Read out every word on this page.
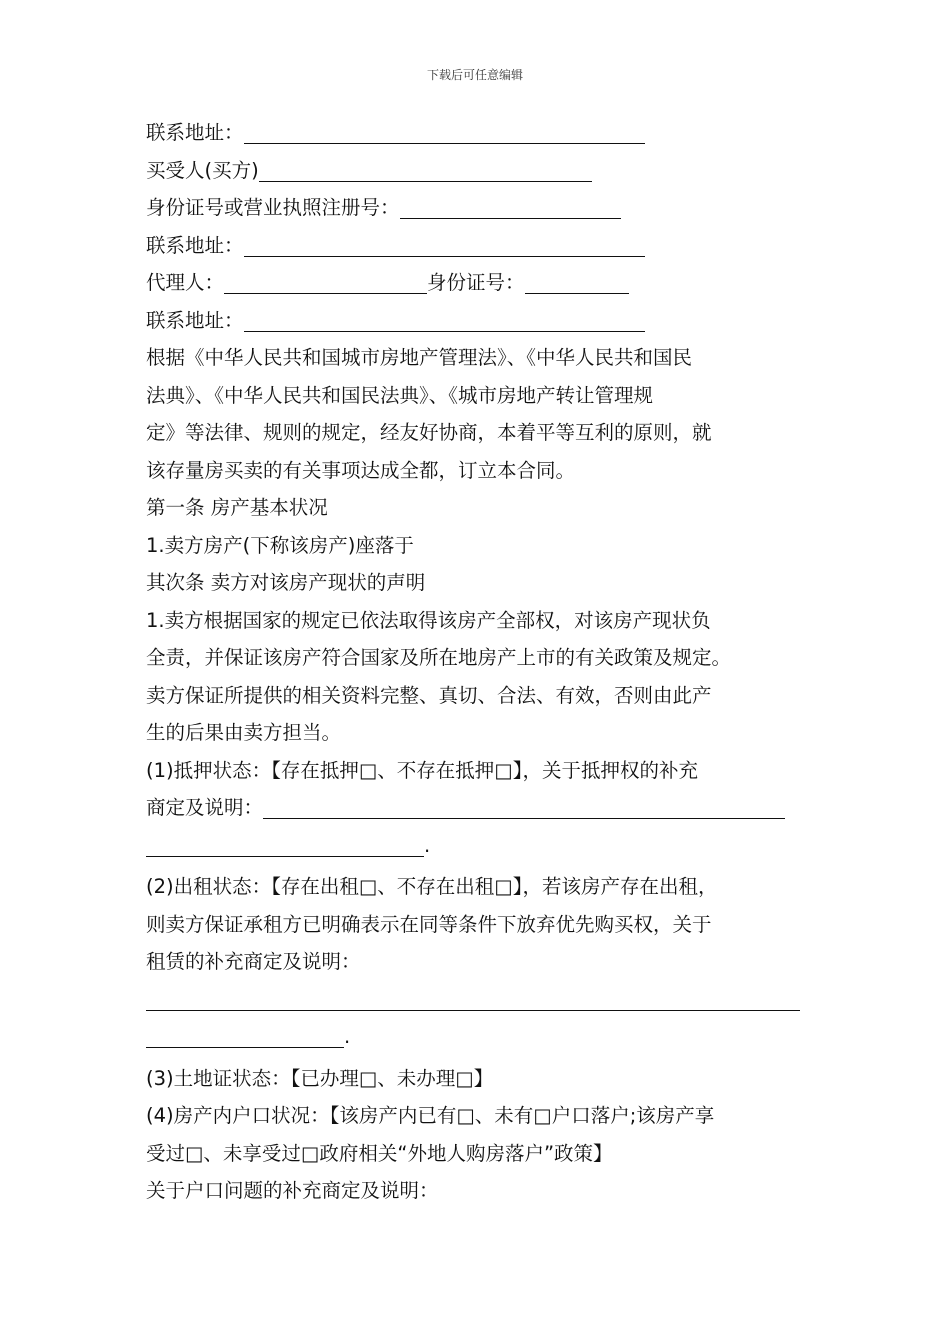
下载后可任意编辑
联系地址：
买受人(买方)
身份证号或营业执照注册号：
联系地址：
代理人：	身份证号：
联系地址：
根据《中华人民共和国城市房地产管理法》、《中华人民共和国民
法典》、《中华人民共和国民法典》、《城市房地产转让管理规
定》等法律、规则的规定，经友好协商，本着平等互利的原则，就
该存量房买卖的有关事项达成全都，订立本合同。
第一条 房产基本状况
1.卖方房产(下称该房产)座落于
其次条 卖方对该房产现状的声明
1.卖方根据国家的规定已依法取得该房产全部权，对该房产现状负
全责，并保证该房产符合国家及所在地房产上市的有关政策及规定。
卖方保证所提供的相关资料完整、真切、合法、有效，否则由此产
生的后果由卖方担当。
(1)抵押状态：【存在抵押□、不存在抵押□】，关于抵押权的补充
商定及说明：
.
(2)出租状态：【存在出租□、不存在出租□】，若该房产存在出租，
则卖方保证承租方已明确表示在同等条件下放弃优先购买权，关于
租赁的补充商定及说明：
.
(3)土地证状态：【已办理□、未办理□】
(4)房产内户口状况：【该房产内已有□、未有□户口落户;该房产享
受过□、未享受过□政府相关“外地人购房落户”政策】
关于户口问题的补充商定及说明：
